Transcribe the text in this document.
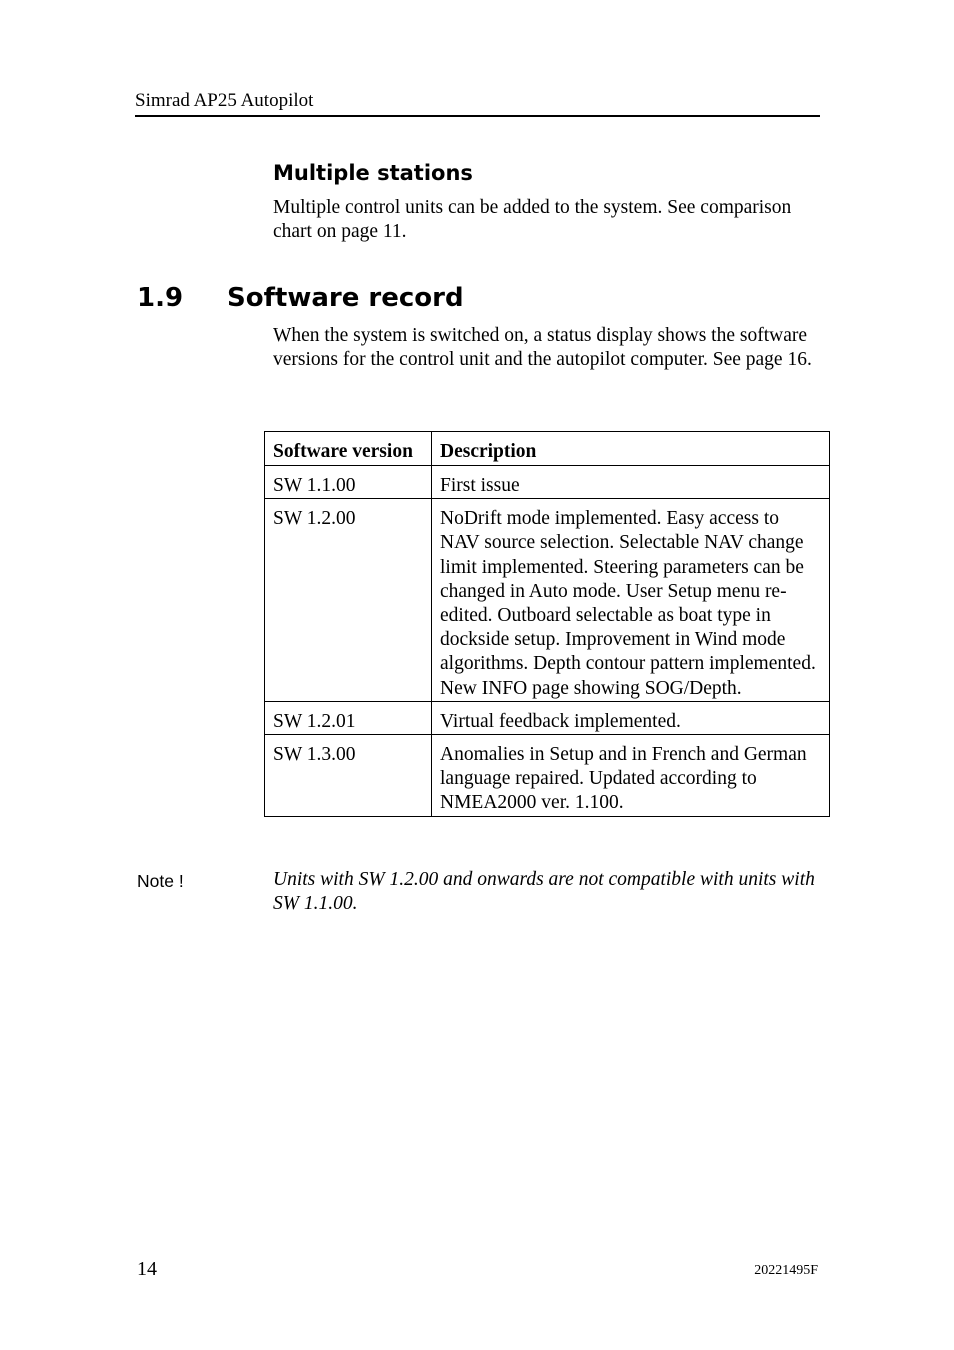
Simrad AP25 Autopilot
Multiple stations

Multiple control units can be added to the system. See comparison chart on page 11.

1.9 Software record

When the system is switched on, a status display shows the software versions for the control unit and the autopilot computer. See page 16.

Software version	Description
SW 1.1.00	First issue
SW 1.2.00	NoDrift mode implemented. Easy access to NAV source selection. Selectable NAV change limit implemented. Steering parameters can be changed in Auto mode. User Setup menu re-edited. Outboard selectable as boat type in dockside setup. Improvement in Wind mode algorithms. Depth contour pattern implemented. New INFO page showing SOG/Depth.
SW 1.2.01	Virtual feedback implemented.
SW 1.3.00	Anomalies in Setup and in French and German language repaired. Updated according to NMEA2000 ver. 1.100.
Note !	Units with SW 1.2.00 and onwards are not compatible with units with SW 1.1.00.

14	20221495F
